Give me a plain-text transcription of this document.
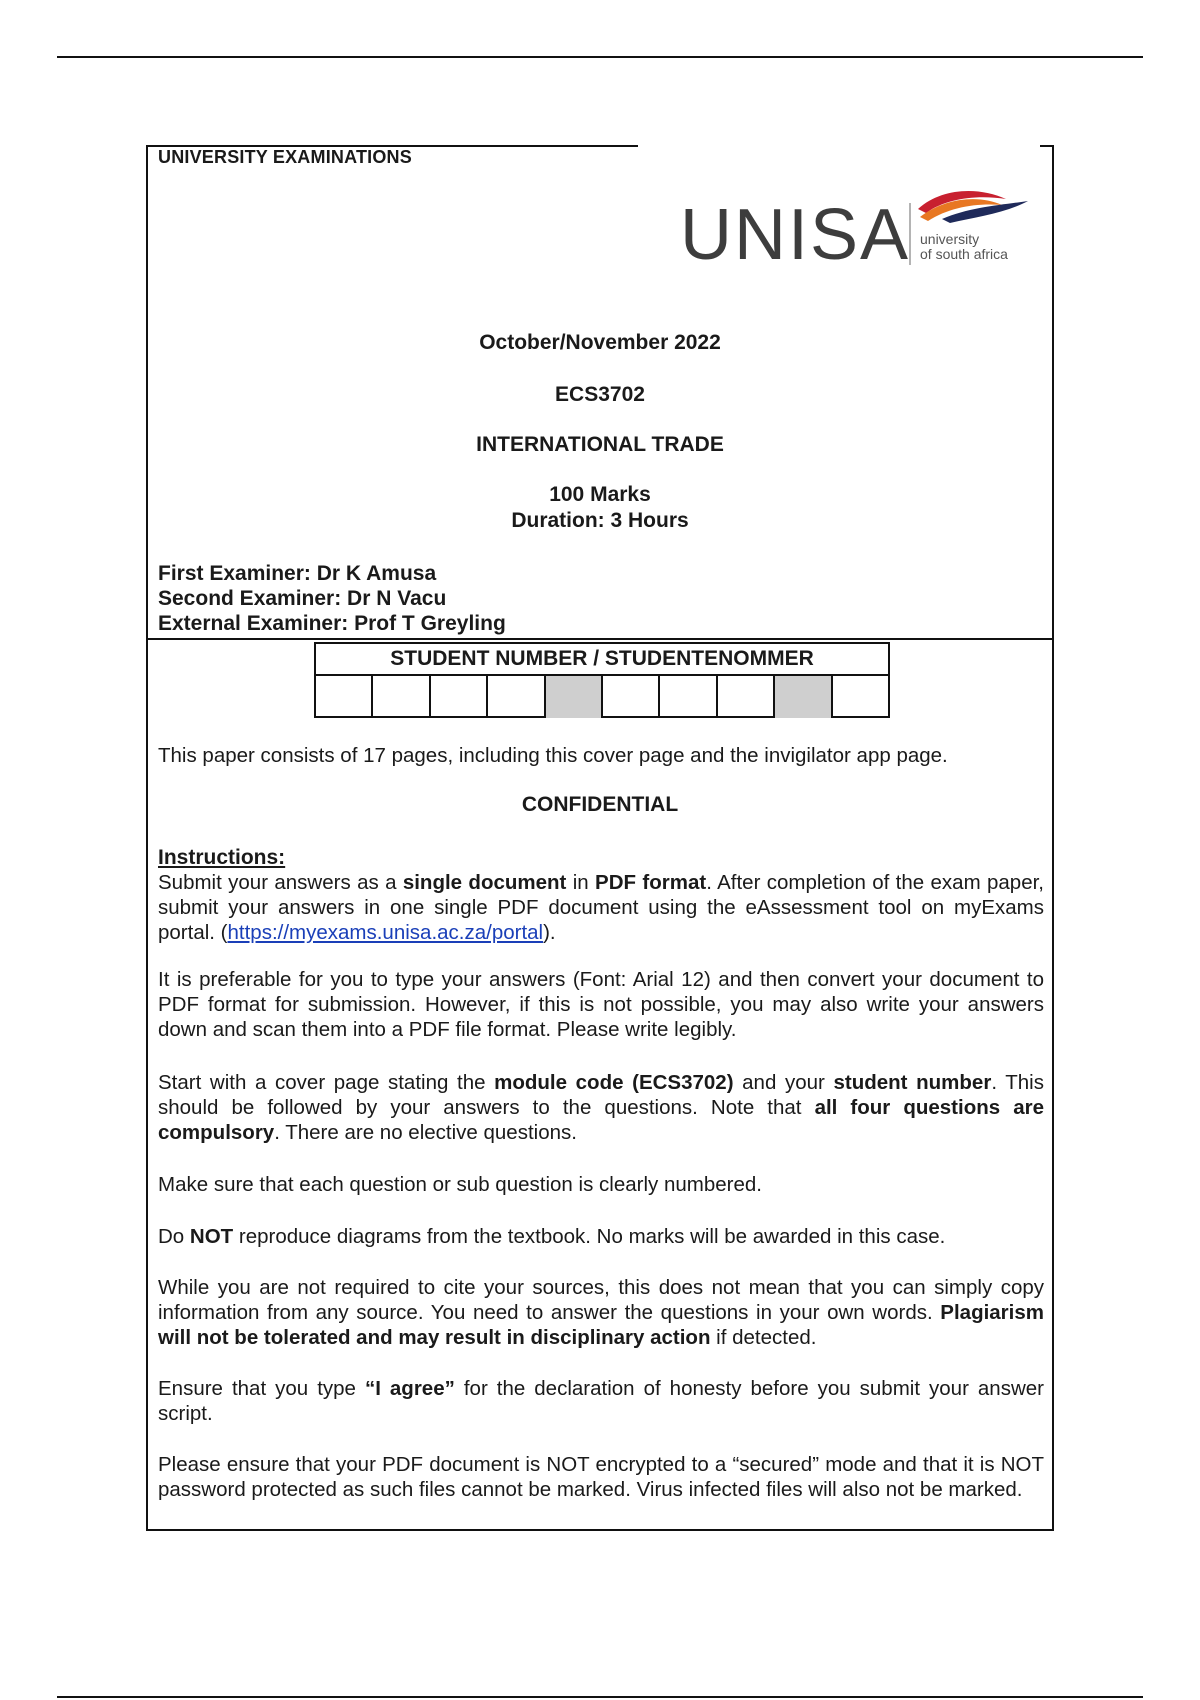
UNIVERSITY EXAMINATIONS
UNISA university
of south africa
October/November 2022
ECS3702
INTERNATIONAL TRADE
100 Marks
Duration: 3 Hours
First Examiner: Dr K Amusa
Second Examiner: Dr N Vacu
External Examiner: Prof T Greyling
STUDENT NUMBER / STUDENTENOMMER
This paper consists of 17 pages, including this cover page and the invigilator app page.
CONFIDENTIAL
Instructions:
Submit your answers as a single document in PDF format. After completion of the exam paper, submit your answers in one single PDF document using the eAssessment tool on myExams portal. (https://myexams.unisa.ac.za/portal).
It is preferable for you to type your answers (Font: Arial 12) and then convert your document to PDF format for submission. However, if this is not possible, you may also write your answers down and scan them into a PDF file format. Please write legibly.
Start with a cover page stating the module code (ECS3702) and your student number. This should be followed by your answers to the questions. Note that all four questions are compulsory. There are no elective questions.
Make sure that each question or sub question is clearly numbered.
Do NOT reproduce diagrams from the textbook. No marks will be awarded in this case.
While you are not required to cite your sources, this does not mean that you can simply copy information from any source. You need to answer the questions in your own words. Plagiarism will not be tolerated and may result in disciplinary action if detected.
Ensure that you type “I agree” for the declaration of honesty before you submit your answer script.
Please ensure that your PDF document is NOT encrypted to a “secured” mode and that it is NOT password protected as such files cannot be marked. Virus infected files will also not be marked.
